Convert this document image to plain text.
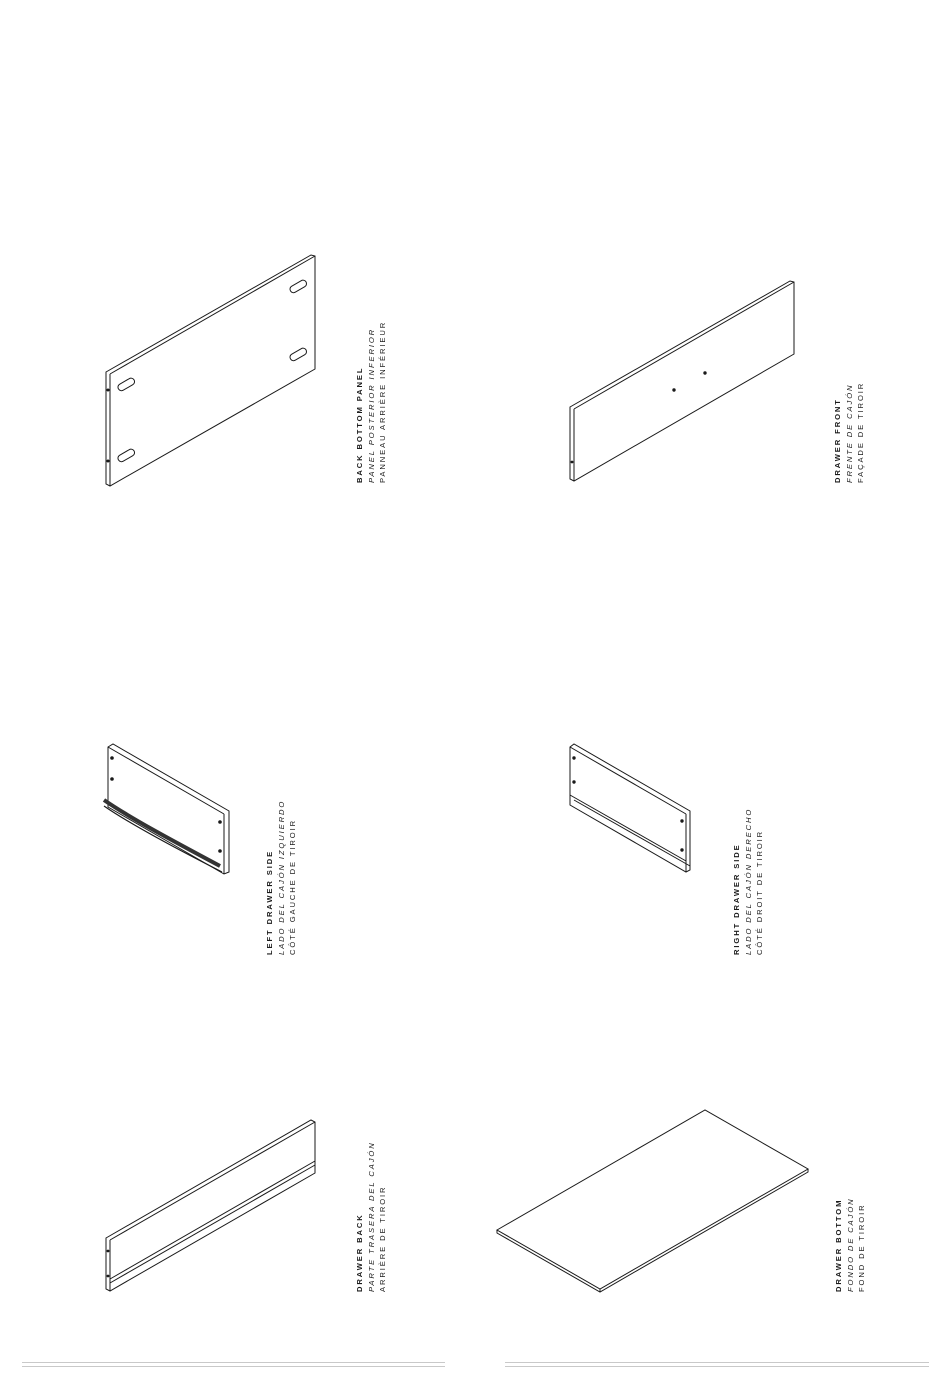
BACK BOTTOM PANEL PANEL POSTERIOR INFERIOR PANNEAU ARRIÈRE INFÉRIEUR	DRAWER FRONT FRENTE DE CAJÓN FAÇADE DE TIROIR
LEFT DRAWER SIDE LADO DEL CAJÓN IZQUIERDO CÔTÉ GAUCHE DE TIROIR	RIGHT DRAWER SIDE LADO DEL CAJÓN DERECHO CÔTÉ DROIT DE TIROIR
DRAWER BACK PARTE TRASERA DEL CAJÓN ARRIÈRE DE TIROIR	DRAWER BOTTOM FONDO DE CAJÓN FOND DE TIROIR
